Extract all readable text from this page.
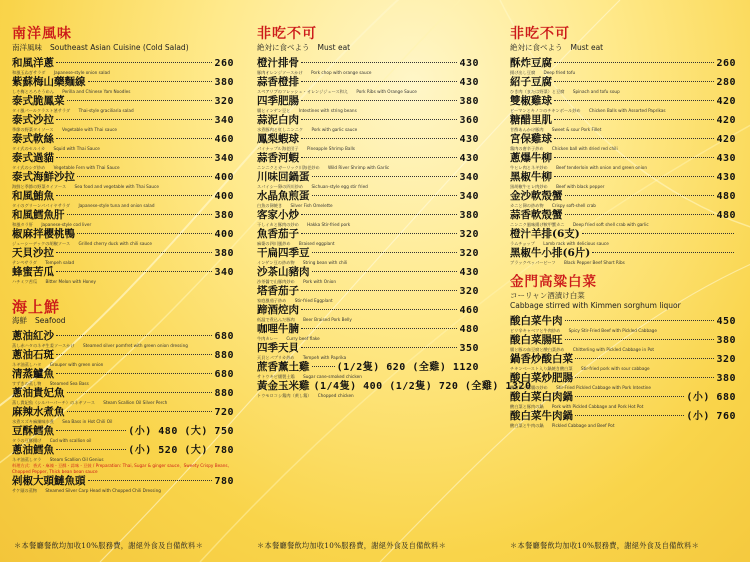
南洋風味
南洋風味 Southeast Asian Cuisine (Cold Salad)
和風洋蔥	260
和風玉ねぎサラダ　　Japanese-style onion salad
紫蘇梅山藥麵線	380
しそ梅とろろそうめん　　Perilla and Chinese Yam Noodles
泰式脆鳳菜	320
タイ風パールクラスト茎サラダ　　Thai-style graciliaria salad
泰式沙拉	340
季節の野菜タイソース　　Vegetable with Thai sauce
泰式軟絲	460
タイ式のセルイカ　　Squid with Thai Sauce
泰式過貓	340
タイ式のシダ炒め　　Vegetable Fern with Thai Sauce
泰式海鮮沙拉	400
海鮮と季節の野菜タイソース　　Sea food and vegetable with Thai Sauce
和風鮪魚	400
タイのグリーンパパイヤサラダ　　Japanese-style tuna and onion salad
和風鱈魚肝	380
和風タラ肝　　Japanese-style cod liver
椒麻拌櫻桃鴨	400
ジューシーデックの胡椒ソース　　Grilled cherry duck with chili sauce
天貝沙拉	380
テンペサラダ　　Tempeh salad
蜂蜜苦瓜	340
ハチミツ苦瓜　　Bitter Melon with Honey
海上鮮
海鮮 Seafood
蔥油紅沙	680
蒸し赤ハタのネギ生姜ソースかけ　　Steamed silver pomfret with green onion dressing
蔥油石斑	880
ネギ油蒸しハタ　　Grouper with green onion
清蒸鱸魚	680
すずきの蒸し物　　Steamed Sea Bass
蔥油貴妃魚	880
蒸し貴妃魚（シルバーパーチ）のネギソース　　Steam Scallion Oil Silver Perch
麻辣水煮魚	720
水煮スズキ麻辣味水煮　　Sea Bass in Hot Chili Oil
豆酥鱈魚	(小) 480 (大) 750
タラの豆酥揚げ　　Cod with scallion oil
蔥油鱈魚	(小) 520 (大) 780
ネギ油蒸しタラ　　Steam Scallion Oil Genius
料理方式：香式・麻辣・豆酥・蒜味・豆鼓 / Preparation: Thai, Sugar & ginger sauce、Sweety Crispy Beans, Chopped Pepper, Thick bean bean sauce
剁椒大頭鰱魚頭	780
サケ頭の蒸物　　Steamed Silver Carp Head with Chopped Chili Dressing
＊本餐廳餐飲均加收10%服務費，謝絕外食及自備飲料＊
非吃不可
絶対に食べよう Must eat
橙汁排骨	430
豚肉オレンジソースかけ　　Pork chop with orange sauce
蒜香橙排	430
スペアリブのフレッシュ・オレンジジュース和え　　Pork Ribs with Orange Sauce
四季肥腸	380
腸とインゲン豆と　　Intestines with string beans
蒜泥白肉	360
水煮豚肉と紅しニンニク　　Pork with garlic sauce
鳳梨蝦球	430
パイナップル海老団子　　Pineapple Shrimp Balls
蒜香河蝦	430
ニンニクとガーリック川海老炒め　　Wild River Shrimp with Garlic
川味回鍋蛋	340
スパイシー卵の四川炒め　　Sichuan-style egg stir fried
水晶魚煎蛋	340
白魚の卵焼き　　Silver Fish Omelette
客家小炒	380
干しイカと豚肉の炒め　　Hakka Stir-fried pork
魚香茄子	320
麻婆の四川風炒め　　Braised eggplant
干扁四季豆	320
インゲン豆の炒め物　　String bean with chili
沙茶山豬肉	430
沙茶醤で山豚肉炒め　　Pork with Onion
塔香茄子	320
家庭風茄子炒め　　Stir-fried Eggplant
蹄酒焢肉	460
低温で煮込んだ豚肉　　Beer Braised Pork Belly
咖哩牛腩	480
牛肉カレー　　Curry beef flake
四季天貝	350
天貝とパプリカ炒め　　Tempeh with Paprika
蔗香薰土雞	(1/2隻) 620 (全雞) 1120
サトウキビ燻製土鶏　　Sugar cane-smoked chicken
黃金玉米雞 (1/4隻) 400 (1/2隻) 720 (全雞) 1320
トウモロコシ鶏肉（黄し鶏）　　Chopped chicken
＊本餐廳餐飲均加收10%服務費，謝絕外食及自備飲料＊
非吃不可
絶対に食べよう Must eat
酥炸豆腐	260
揚げ出し豆腐　　Deep fried tofu
紹子豆腐	280
ひき肉（または野菜）と豆腐　　Spinach and tofu soup
雙椒雞球	420
ピーマンとキノコのチキンボール炒め　　Chicken Balls with Assorted Paprikas
糖醋里肌	420
甘酢あんかけ豚肉　　Sweet & sour Pork Fillet
宮保雞球	420
鶏肉の唐辛子炒め　　Chicken ball with dried red chili
蔥爆牛柳	430
牛ヒレ肉とネギ炒め　　Beef tenderloin with onion and green onion
黑椒牛柳	430
黒胡椒牛ヒレ肉炒め　　Beef with black pepper
金沙軟殼蟹	480
カニと卵の炒め物　　Crispy soft-shell crab
蒜香軟殼蟹	480
ニンニク風味揚げ軟甲蟹カニ　　Deep fried soft shell crab with garlic
橙汁羊排(6支)
ラムチョップ　　Lamb rack with delicious sauce
黑椒牛小排(6片)
ブラックペッパービーフ　　Black Pepper Beef Short Ribs
金門高粱白菜
コーリャン酒漬け白菜
Cabbage stirred with Kimmen sorghum liquor
酸白菜牛肉	450
ピリ辛キャベツと牛肉炒め　　Spicy Stir-Fried Beef with Pickled Cabbage
酸白菜腸旺	380
腸と豚の血豆腐と酸白菜炒め　　Chitterling with Pickled Cabbage in Pot
鍋香炒酸白菜	320
チキンベースト入り鍋焼き酸白菜　　Stir-fried pork with sour cabbage
酸白菜炒肥腸	380
酸白菜と豚腸の炒め　　Stir-Fried Pickled Cabbage with Pork Intestine
酸白菜白肉鍋	(小) 680
酸白菜と豚肉の鍋　　Pork with Pickled Cabbage and Pork Hot Pot
酸白菜牛肉鍋	(小) 760
酸白菜と牛肉の鍋　　Pickled Cabbage and Beef Pot
＊本餐廳餐飲均加收10%服務費，謝絕外食及自備飲料＊
